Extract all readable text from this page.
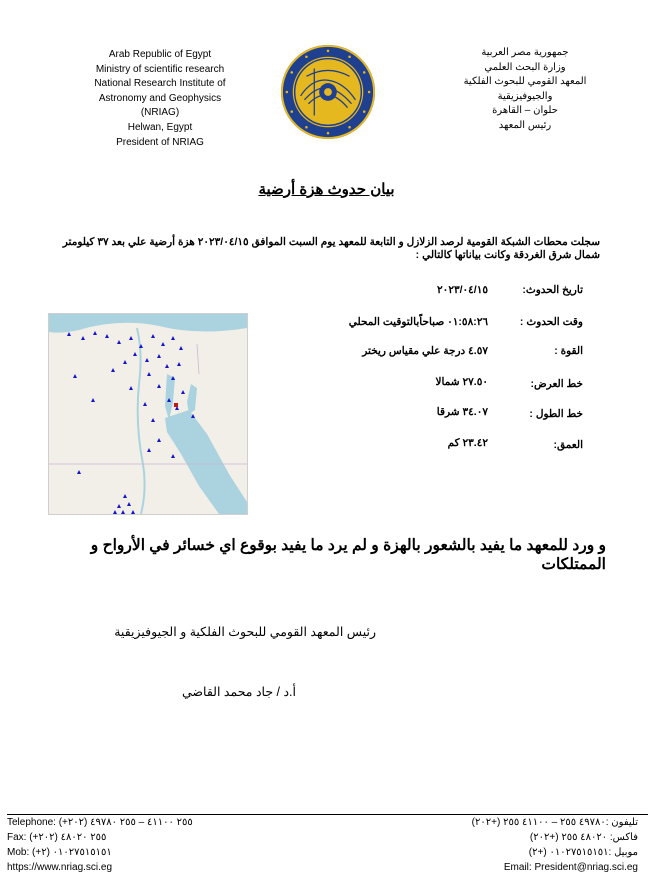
Arab Republic of Egypt
Ministry of scientific research
National Research Institute of
Astronomy and Geophysics
(NRIAG)
Helwan, Egypt
President of NRIAG
جمهورية مصر العربية
وزارة البحث العلمي
المعهد القومي للبحوث الفلكية
والجيوفيزيقية
حلوان – القاهرة
رئيس المعهد
بيان حدوث هزة أرضية
سجلت محطات الشبكة القومية لرصد الزلازل و التابعة للمعهد يوم السبت الموافق ٢٠٢٣/٠٤/١٥ هزة أرضية علي بعد ٣٧ كيلومتر شمال شرق الغردقة وكانت بياناتها كالتالي :
تاريخ الحدوث:
٢٠٢٣/٠٤/١٥
وقت الحدوث :
٠١:٥٨:٢٦ صباحاًبالتوقيت المحلي
القوة :
٤.٥٧ درجة علي مقياس ريختر
خط العرض:
٢٧.٥٠ شمالا
خط الطول :
٣٤.٠٧ شرقا
العمق:
٢٣.٤٢ كم
و ورد للمعهد ما يفيد بالشعور بالهزة و لم يرد ما يفيد بوقوع اي خسائر في الأرواح و الممتلكات
رئيس المعهد القومي للبحوث الفلكية و الجيوفيزيقية
أ.د / جاد محمد القاضي
Telephone: (+٢٠٢) ٢٥٥ ٤١١٠٠ – ٢٥٥ ٤٩٧٨٠
Fax: (+٢٠٢) ٢٥٥ ٤٨٠٢٠
Mob: (+٢) ٠١٠٢٧٥١٥١٥١
https://www.nriag.sci.eg
تليفون :٤٩٧٨٠ ٢٥٥ – ٤١١٠٠ ٢٥٥ (+٢٠٢)
فاكس: ٤٨٠٢٠ ٢٥٥ (+٢٠٢)
موبيل :٠١٠٢٧٥١٥١٥١ (+٢)
Email: President@nriag.sci.eg
